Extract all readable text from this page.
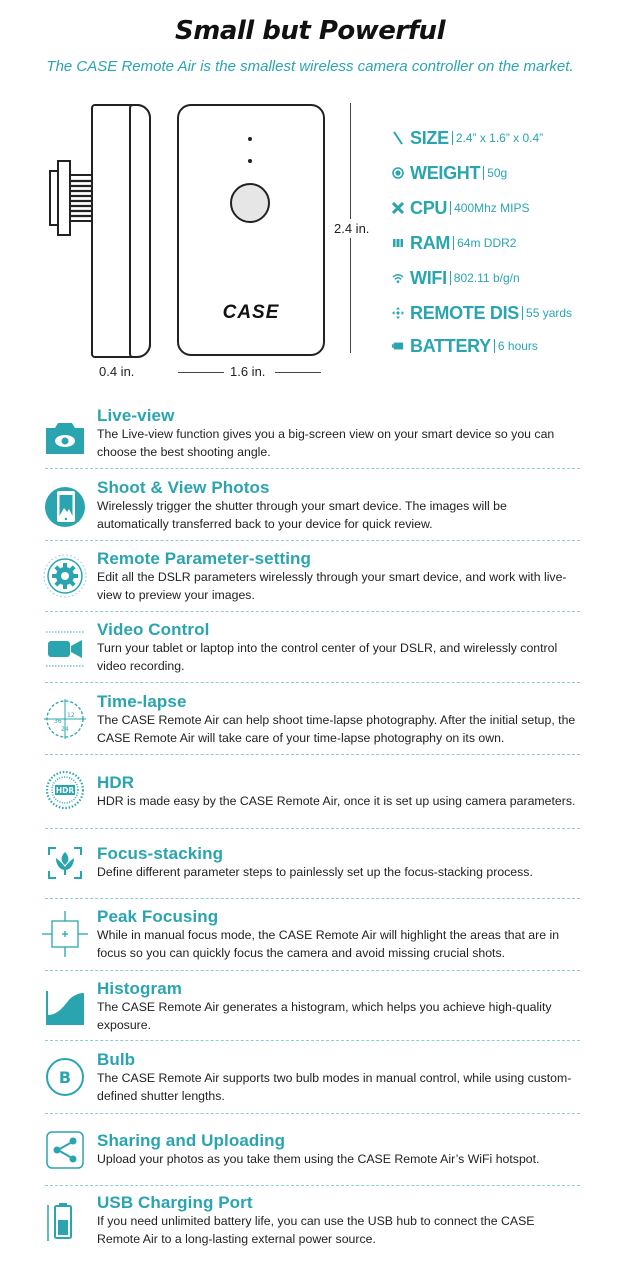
Small but Powerful
The CASE Remote Air is the smallest wireless camera controller on the market.
CASE
2.4 in.
1.6 in.
0.4 in.
SIZE 2.4” x 1.6” x 0.4”
WEIGHT 50g
CPU 400Mhz MIPS
RAM 64m DDR2
WIFI 802.11 b/g/n
REMOTE DIS 55 yards
BATTERY 6 hours
Live-view
The Live-view function gives you a big-screen view on your smart device so you can choose the best shooting angle.
Shoot & View Photos
Wirelessly trigger the shutter through your smart device. The images will be automatically transferred back to your device for quick review.
Remote Parameter-setting
Edit all the DSLR parameters wirelessly through your smart device, and work with live-view to preview your images.
Video Control
Turn your tablet or laptop into the control center of your DSLR, and wirelessly control video recording.
36
12
24
Time-lapse
The CASE Remote Air can help shoot time-lapse photography. After the initial setup, the CASE Remote Air will take care of your time-lapse photography on its own.
HDR HDR
HDR is made easy by the CASE Remote Air, once it is set up using camera parameters.
Focus-stacking
Define different parameter steps to painlessly set up the focus-stacking process.
Peak Focusing
While in manual focus mode, the CASE Remote Air will highlight the areas that are in focus so you can quickly focus the camera and avoid missing crucial shots.
Histogram
The CASE Remote Air generates a histogram, which helps you achieve high-quality exposure.
B
Bulb
The CASE Remote Air supports two bulb modes in manual control, while using custom-defined shutter lengths.
Sharing and Uploading
Upload your photos as you take them using the CASE Remote Air’s WiFi hotspot.
USB Charging Port
If you need unlimited battery life, you can use the USB hub to connect the CASE Remote Air to a long-lasting external power source.
